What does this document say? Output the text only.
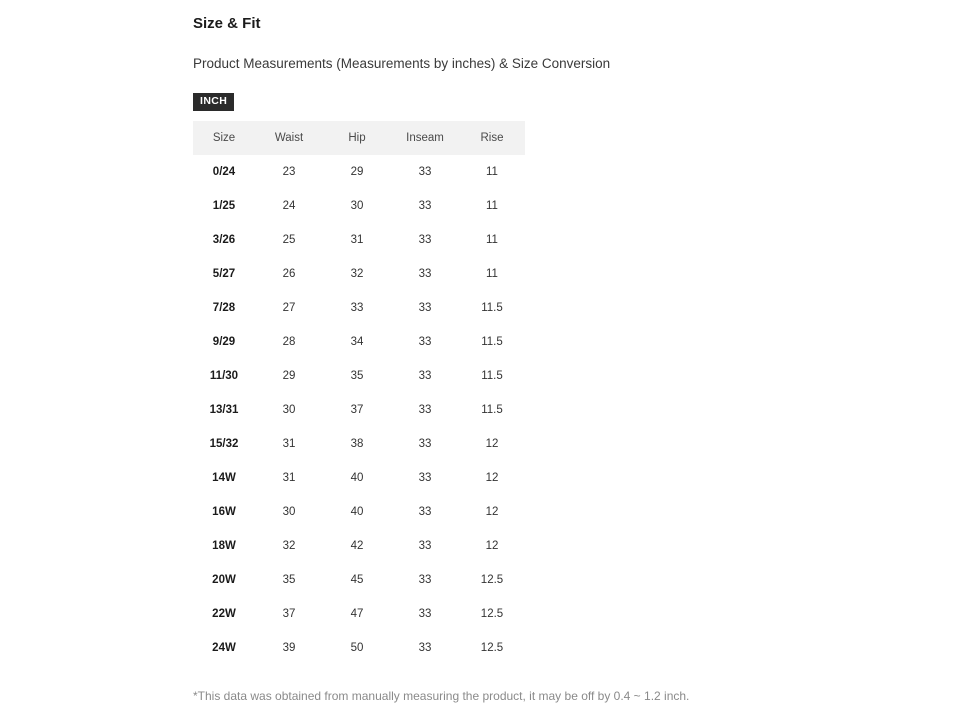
Size & Fit
Product Measurements (Measurements by inches) & Size Conversion
INCH
Size	Waist	Hip	Inseam	Rise
0/24	23	29	33	11
1/25	24	30	33	11
3/26	25	31	33	11
5/27	26	32	33	11
7/28	27	33	33	11.5
9/29	28	34	33	11.5
11/30	29	35	33	11.5
13/31	30	37	33	11.5
15/32	31	38	33	12
14W	31	40	33	12
16W	30	40	33	12
18W	32	42	33	12
20W	35	45	33	12.5
22W	37	47	33	12.5
24W	39	50	33	12.5
*This data was obtained from manually measuring the product, it may be off by 0.4 ~ 1.2 inch.
